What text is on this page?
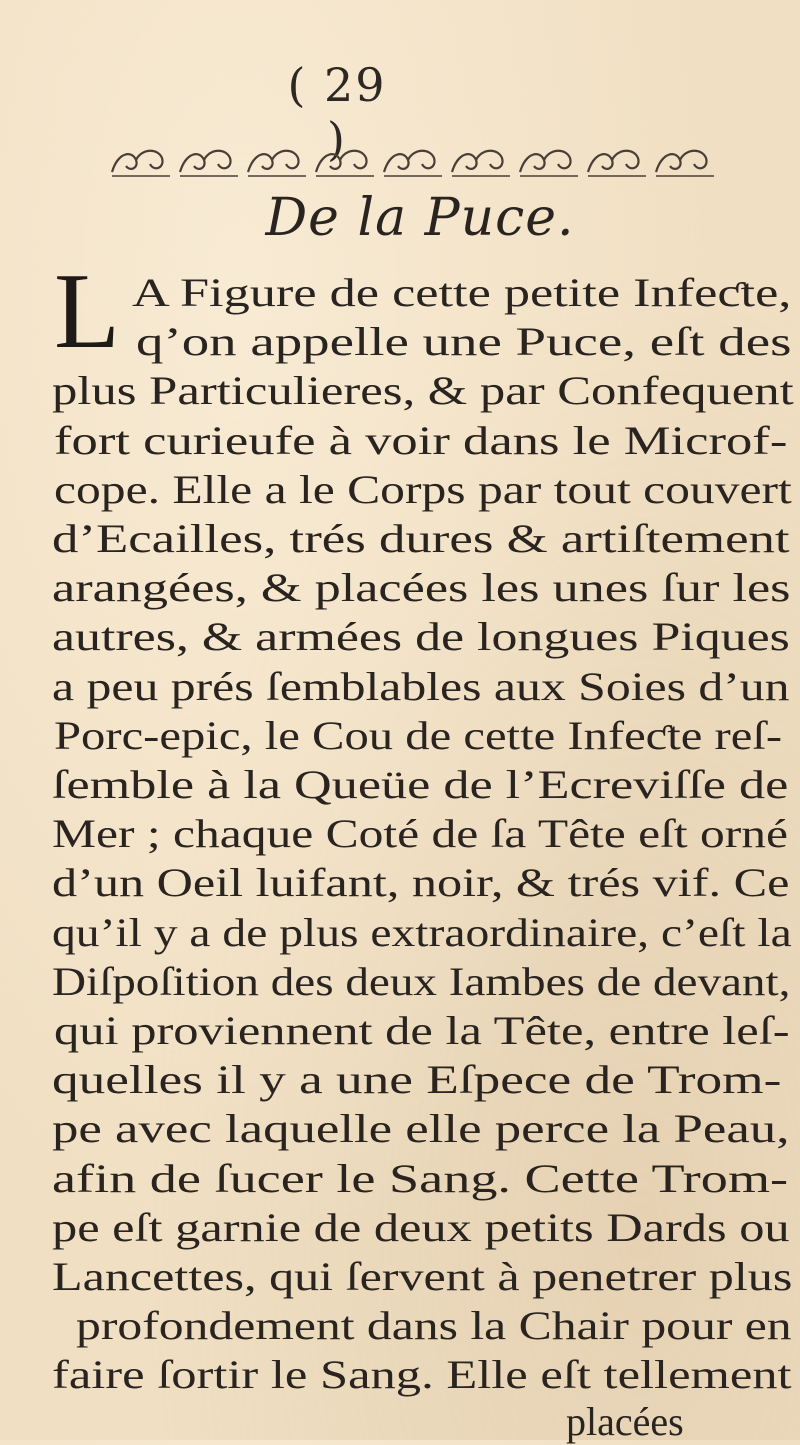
( 29 )
De la Puce.
L A Figure de cette petite Infeƈte,
q’on appelle une Puce, eſt des
plus Particulieres, & par Confequent
fort curieufe à voir dans le Microf-
cope. Elle a le Corps par tout couvert
d’Ecailles, trés dures & artiſtement
arangées, & placées les unes ſur les
autres, & armées de longues Piques
a peu prés ſemblables aux Soies d’un
Porc-epic, le Cou de cette Infeƈte reſ-
ſemble à la Queüe de l’Ecreviſſe de
Mer ; chaque Coté de ſa Tête eſt orné
d’un Oeil luifant, noir, & trés vif. Ce
qu’il y a de plus extraordinaire, c’eſt la
Diſpoſition des deux Iambes de devant,
qui proviennent de la Tête, entre leſ-
quelles il y a une Eſpece de Trom-
pe avec laquelle elle perce la Peau,
afin de ſucer le Sang. Cette Trom-
pe eſt garnie de deux petits Dards ou
Lancettes, qui ſervent à penetrer plus
profondement dans la Chair pour en
faire ſortir le Sang. Elle eſt tellement
placées
